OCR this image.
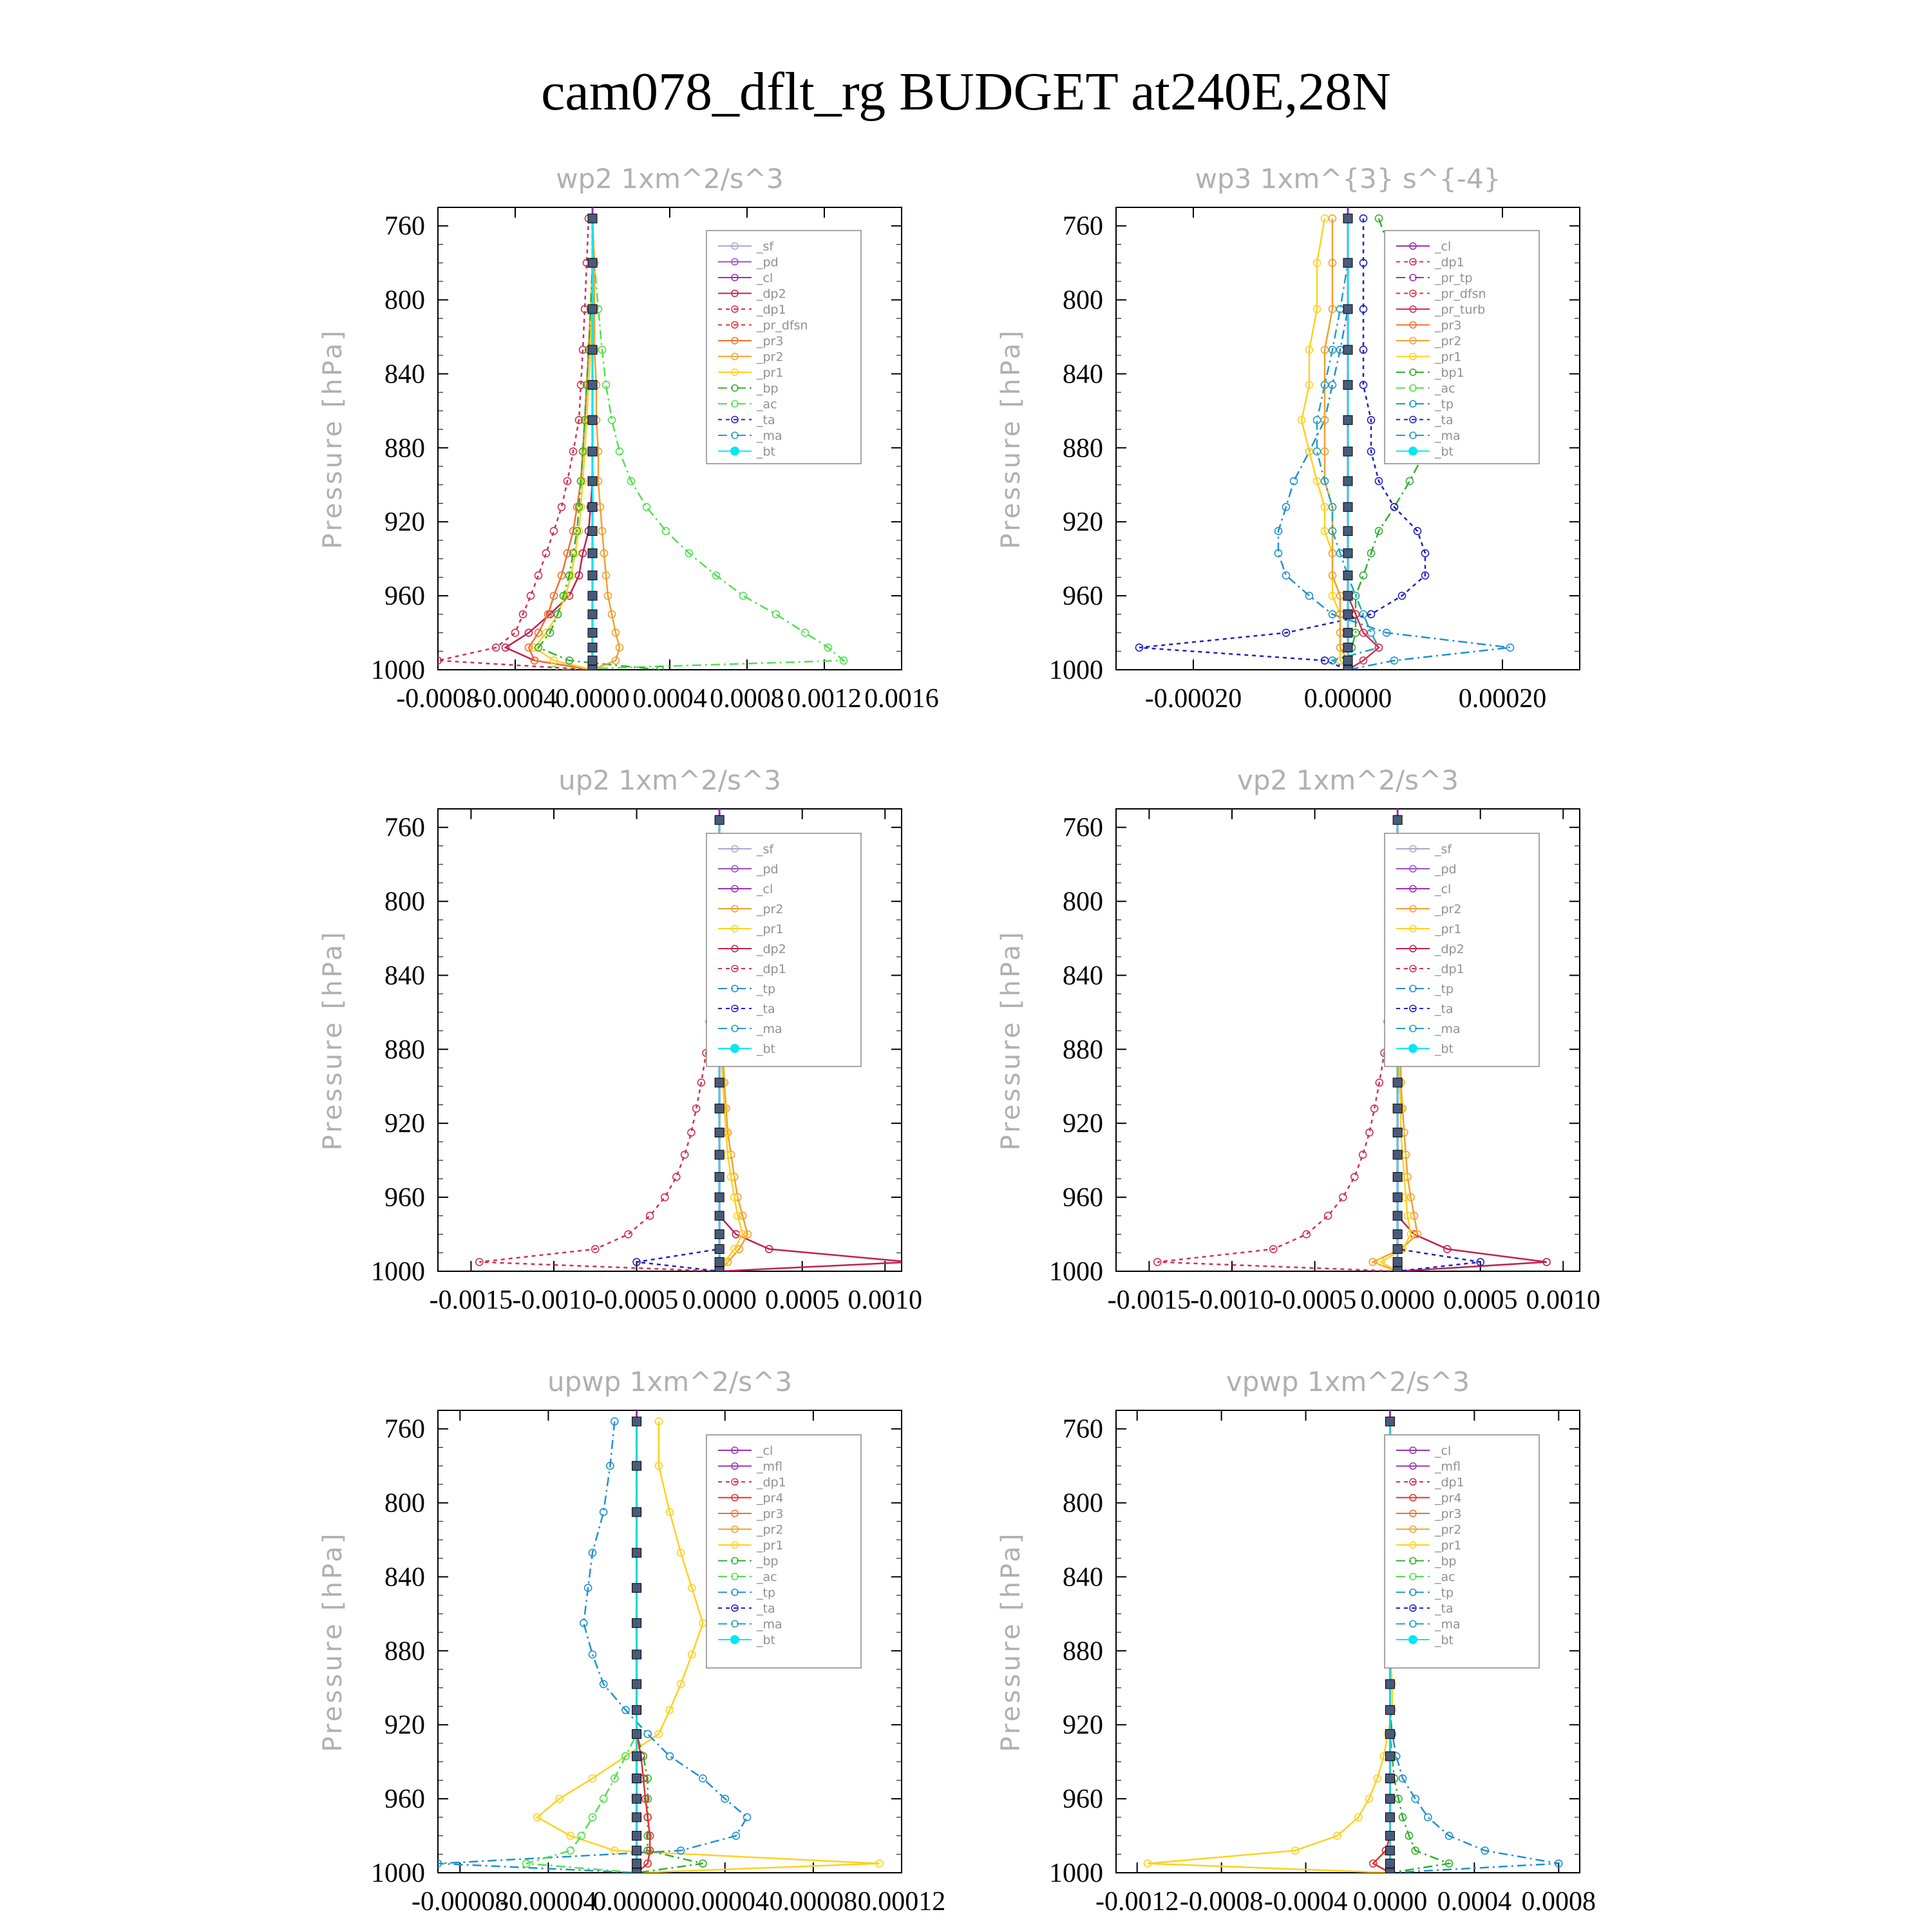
cam078_dflt_rg BUDGET at240E,28N
wp2 1xm^2/s^3
Pressure [hPa]
760
800
840
880
920
960
1000
-0.0008
-0.0004
0.0000 0.0004 0.0008 0.0012 0.0016
_sf
_pd
_cl
_dp2
_dp1
_pr_dfsn
_pr3
_pr2
_pr1
_bp
_ac
_ta
_ma
_bt
wp3 1xm^{3} s^{-4}
Pressure [hPa]
760
800
840
880
920
960
1000
-0.00020 0.00000 0.00020
_cl
_dp1
_pr_tp
_pr_dfsn
_pr_turb
_pr3
_pr2
_pr1
_bp1
_ac
_tp
_ta
_ma
_bt
up2 1xm^2/s^3
Pressure [hPa]
760
800
840
880
920
960
1000
-0.0015 -0.0010 -0.0005 0.0000 0.0005 0.0010
_sf
_pd
_cl
_pr2
_pr1
_dp2
_dp1
_tp
_ta
_ma
_bt
vp2 1xm^2/s^3
Pressure [hPa]
760
800
840
880
920
960
1000
-0.0015 -0.0010 -0.0005 0.0000 0.0005 0.0010
_sf
_pd
_cl
_pr2
_pr1
_dp2
_dp1
_tp
_ta
_ma
_bt
upwp 1xm^2/s^3
Pressure [hPa]
760
800
840
880
920
960
1000
-0.00008
-0.00004
0.00000 0.00004 0.00008 0.00012
_cl
_mfl
_dp1
_pr4
_pr3
_pr2
_pr1
_bp
_ac
_tp
_ta
_ma
_bt
vpwp 1xm^2/s^3
Pressure [hPa]
760
800
840
880
920
960
1000
-0.0012 -0.0008 -0.0004 0.0000 0.0004 0.0008
_cl
_mfl
_dp1
_pr4
_pr3
_pr2
_pr1
_bp
_ac
_tp
_ta
_ma
_bt
